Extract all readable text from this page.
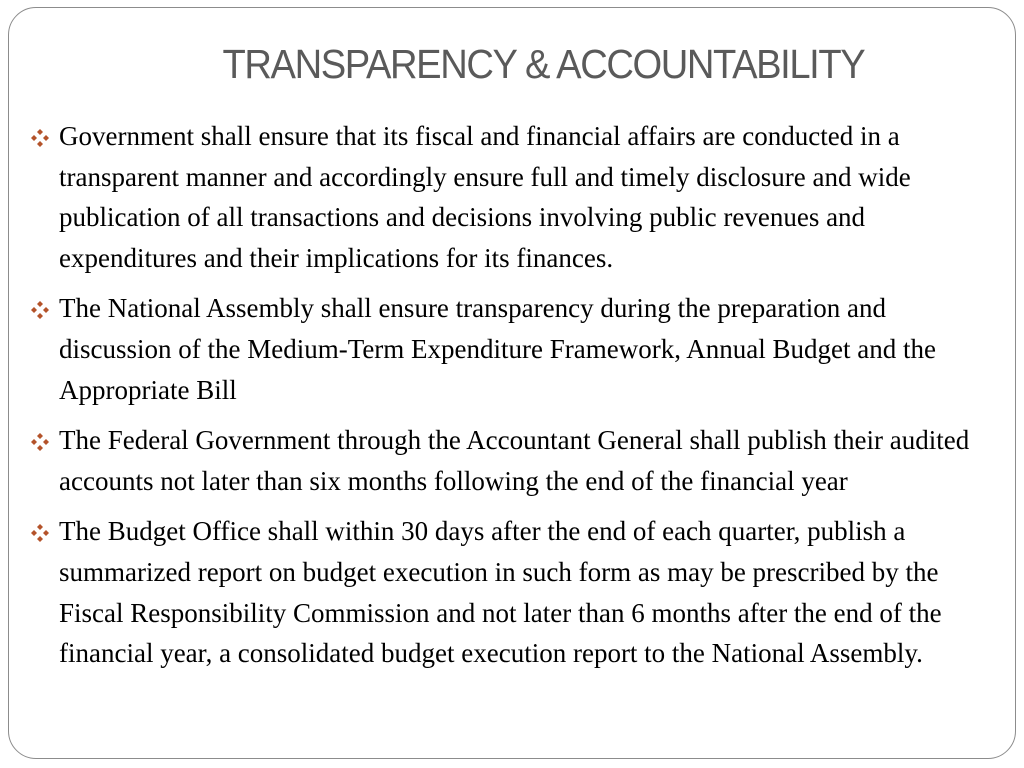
TRANSPARENCY & ACCOUNTABILITY
Government shall ensure that its fiscal and financial affairs are conducted in a transparent manner and accordingly ensure full and timely disclosure and wide publication of all transactions and decisions involving public revenues and expenditures and their implications for its finances.
The National Assembly shall ensure transparency during the preparation and discussion of the Medium-Term Expenditure Framework, Annual Budget and the Appropriate Bill
The Federal Government through the Accountant General shall publish their audited accounts not later than six months following the end of the financial year
The Budget Office shall within 30 days after the end of each quarter, publish a summarized report on budget execution in such form as may be prescribed by the Fiscal Responsibility Commission and not later than 6 months after the end of the financial year, a consolidated budget execution report to the National Assembly.
